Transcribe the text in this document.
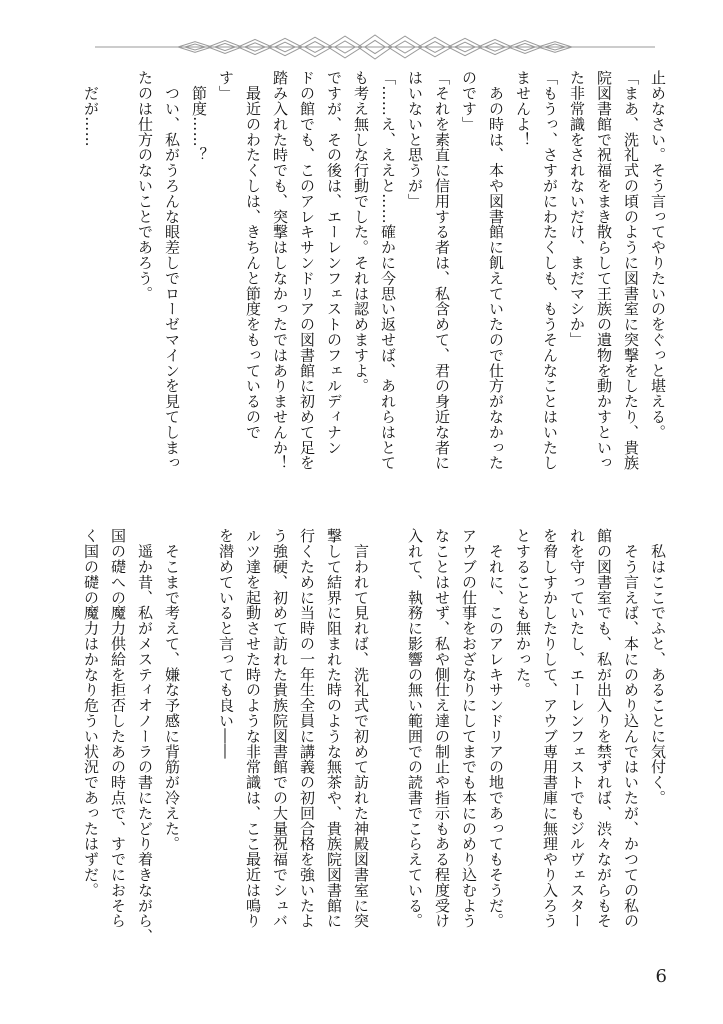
止めなさい。そう言ってやりたいのをぐっと堪える。
「まあ、洗礼式の頃のように図書室に突撃をしたり、貴族
院図書館で祝福をまき散らして王族の遺物を動かすといっ
た非常識をされないだけ、まだマシか」
「もうっ、さすがにわたくしも、もうそんなことはいたし
ませんよ！
　あの時は、本や図書館に飢えていたので仕方がなかった
のです」
「それを素直に信用する者は、私含めて、君の身近な者に
はいないと思うが」
「……え、ええと……確かに今思い返せば、あれらはとて
も考え無しな行動でした。それは認めますよ。
ですが、その後は、エーレンフェストのフェルディナン
ドの館でも、このアレキサンドリアの図書館に初めて足を
踏み入れた時でも、突撃はしなかったではありませんか！
　最近のわたくしは、きちんと節度をもっているので
す」
　節度……？
　つい、私がうろんな眼差しでローゼマインを見てしまっ
たのは仕方のないことであろう。

　だが……
　私はここでふと、あることに気付く。
　そう言えば、本にのめり込んではいたが、かつての私の
館の図書室でも、私が出入りを禁ずれば、渋々ながらもそ
れを守っていたし、エーレンフェストでもジルヴェスター
を脅しすかしたりして、アウブ専用書庫に無理やり入ろう
とすることも無かった。
　それに、このアレキサンドリアの地であってもそうだ。
アウブの仕事をおざなりにしてまでも本にのめり込むよう
なことはせず、私や側仕え達の制止や指示もある程度受け
入れて、執務に影響の無い範囲での読書でこらえている。

　言われて見れば、洗礼式で初めて訪れた神殿図書室に突
撃して結界に阻まれた時のような無茶や、貴族院図書館に
行くために当時の一年生全員に講義の初回合格を強いたよ
う強硬、初めて訪れた貴族院図書館での大量祝福でシュバ
ルツ達を起動させた時のような非常識は、ここ最近は鳴り
を潜めていると言っても良い――

　そこまで考えて、嫌な予感に背筋が冷えた。
　遥か昔、私がメスティオノーラの書にたどり着きながら、
国の礎への魔力供給を拒否したあの時点で、すでにおそら
く国の礎の魔力はかなり危うい状況であったはずだ。
6
